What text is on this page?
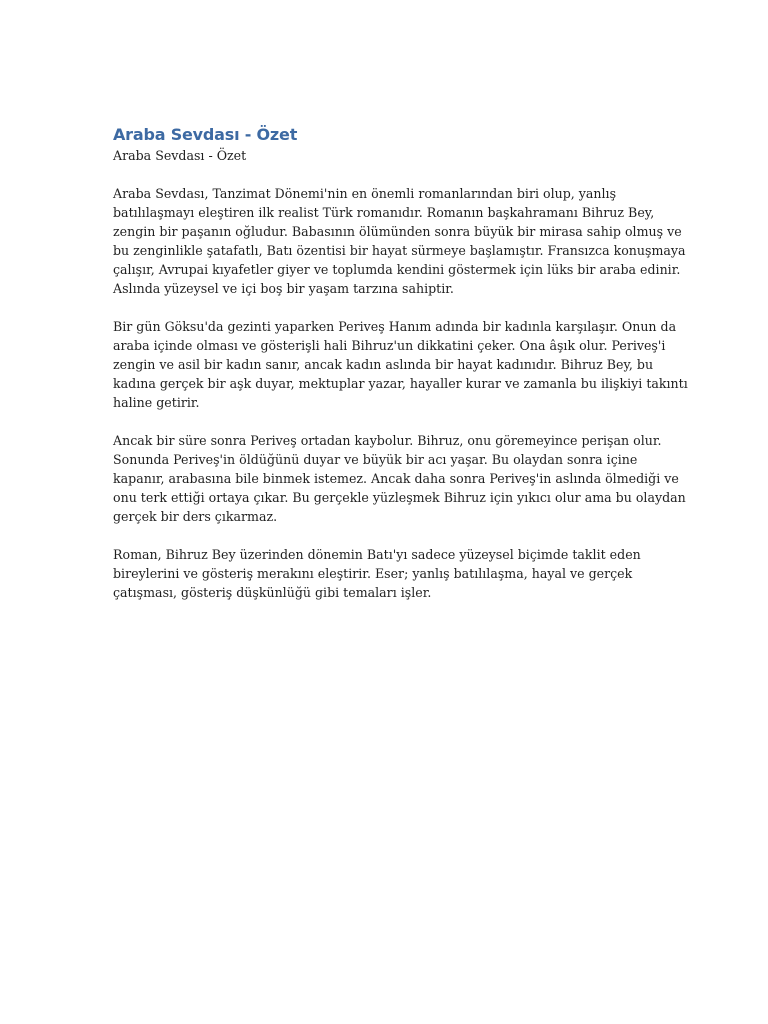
Araba Sevdası - Özet

Araba Sevdası - Özet

Araba Sevdası, Tanzimat Dönemi'nin en önemli romanlarından biri olup, yanlış batılılaşmayı eleştiren ilk realist Türk romanıdır. Romanın başkahramanı Bihruz Bey, zengin bir paşanın oğludur. Babasının ölümünden sonra büyük bir mirasa sahip olmuş ve bu zenginlikle şatafatlı, Batı özentisi bir hayat sürmeye başlamıştır. Fransızca konuşmaya çalışır, Avrupai kıyafetler giyer ve toplumda kendini göstermek için lüks bir araba edinir. Aslında yüzeysel ve içi boş bir yaşam tarzına sahiptir.

Bir gün Göksu'da gezinti yaparken Periveş Hanım adında bir kadınla karşılaşır. Onun da araba içinde olması ve gösterişli hali Bihruz'un dikkatini çeker. Ona âşık olur. Periveş'i zengin ve asil bir kadın sanır, ancak kadın aslında bir hayat kadınıdır. Bihruz Bey, bu kadına gerçek bir aşk duyar, mektuplar yazar, hayaller kurar ve zamanla bu ilişkiyi takıntı haline getirir.

Ancak bir süre sonra Periveş ortadan kaybolur. Bihruz, onu göremeyince perişan olur. Sonunda Periveş'in öldüğünü duyar ve büyük bir acı yaşar. Bu olaydan sonra içine kapanır, arabasına bile binmek istemez. Ancak daha sonra Periveş'in aslında ölmediği ve onu terk ettiği ortaya çıkar. Bu gerçekle yüzleşmek Bihruz için yıkıcı olur ama bu olaydan gerçek bir ders çıkarmaz.

Roman, Bihruz Bey üzerinden dönemin Batı'yı sadece yüzeysel biçimde taklit eden bireylerini ve gösteriş merakını eleştirir. Eser; yanlış batılılaşma, hayal ve gerçek çatışması, gösteriş düşkünlüğü gibi temaları işler.
